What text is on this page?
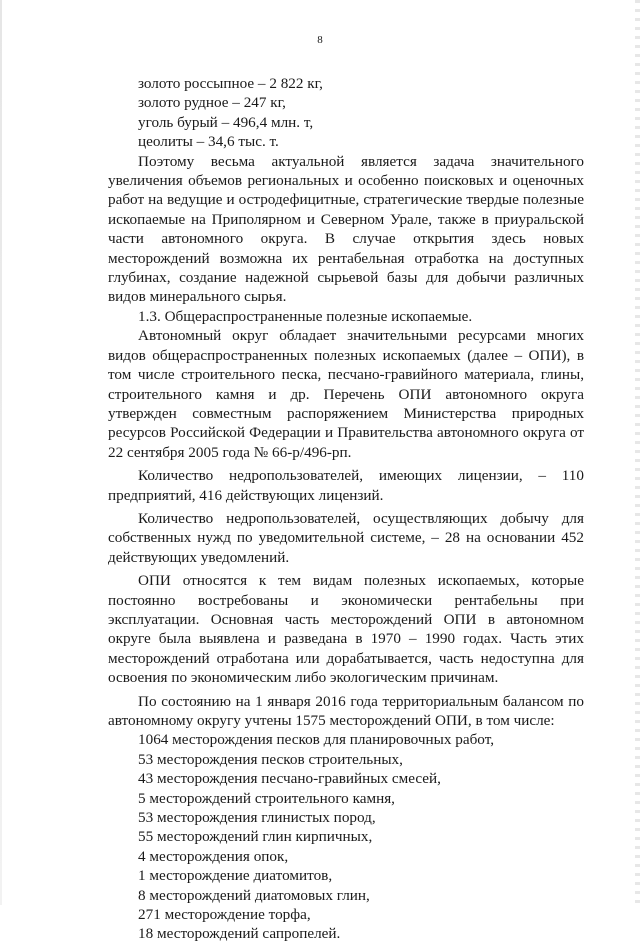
8

золото россыпное – 2 822 кг,

золото рудное – 247 кг,

уголь бурый – 496,4 млн. т,

цеолиты – 34,6 тыс. т.

Поэтому весьма актуальной является задача значительного увеличения объемов региональных и особенно поисковых и оценочных работ на ведущие и остродефицитные, стратегические твердые полезные ископаемые на Приполярном и Северном Урале, также в приуральской части автономного округа. В случае открытия здесь новых месторождений возможна их рентабельная отработка на доступных глубинах, создание надежной сырьевой базы для добычи различных видов минерального сырья.

1.3. Общераспространенные полезные ископаемые.

Автономный округ обладает значительными ресурсами многих видов общераспространенных полезных ископаемых (далее – ОПИ), в том числе строительного песка, песчано-гравийного материала, глины, строительного камня и др. Перечень ОПИ автономного округа утвержден совместным распоряжением Министерства природных ресурсов Российской Федерации и Правительства автономного округа от 22 сентября 2005 года № 66-р/496-рп.

Количество недропользователей, имеющих лицензии, – 110 предприятий, 416 действующих лицензий.

Количество недропользователей, осуществляющих добычу для собственных нужд по уведомительной системе, – 28 на основании 452 действующих уведомлений.

ОПИ относятся к тем видам полезных ископаемых, которые постоянно востребованы и экономически рентабельны при эксплуатации. Основная часть месторождений ОПИ в автономном округе была выявлена и разведана в 1970 – 1990 годах. Часть этих месторождений отработана или дорабатывается, часть недоступна для освоения по экономическим либо экологическим причинам.

По состоянию на 1 января 2016 года территориальным балансом по автономному округу учтены 1575 месторождений ОПИ, в том числе:

1064 месторождения песков для планировочных работ,

53 месторождения песков строительных,

43 месторождения песчано-гравийных смесей,

5 месторождений строительного камня,

53 месторождения глинистых пород,

55 месторождений глин кирпичных,

4 месторождения опок,

1 месторождение диатомитов,

8 месторождений диатомовых глин,

271 месторождение торфа,

18 месторождений сапропелей.
